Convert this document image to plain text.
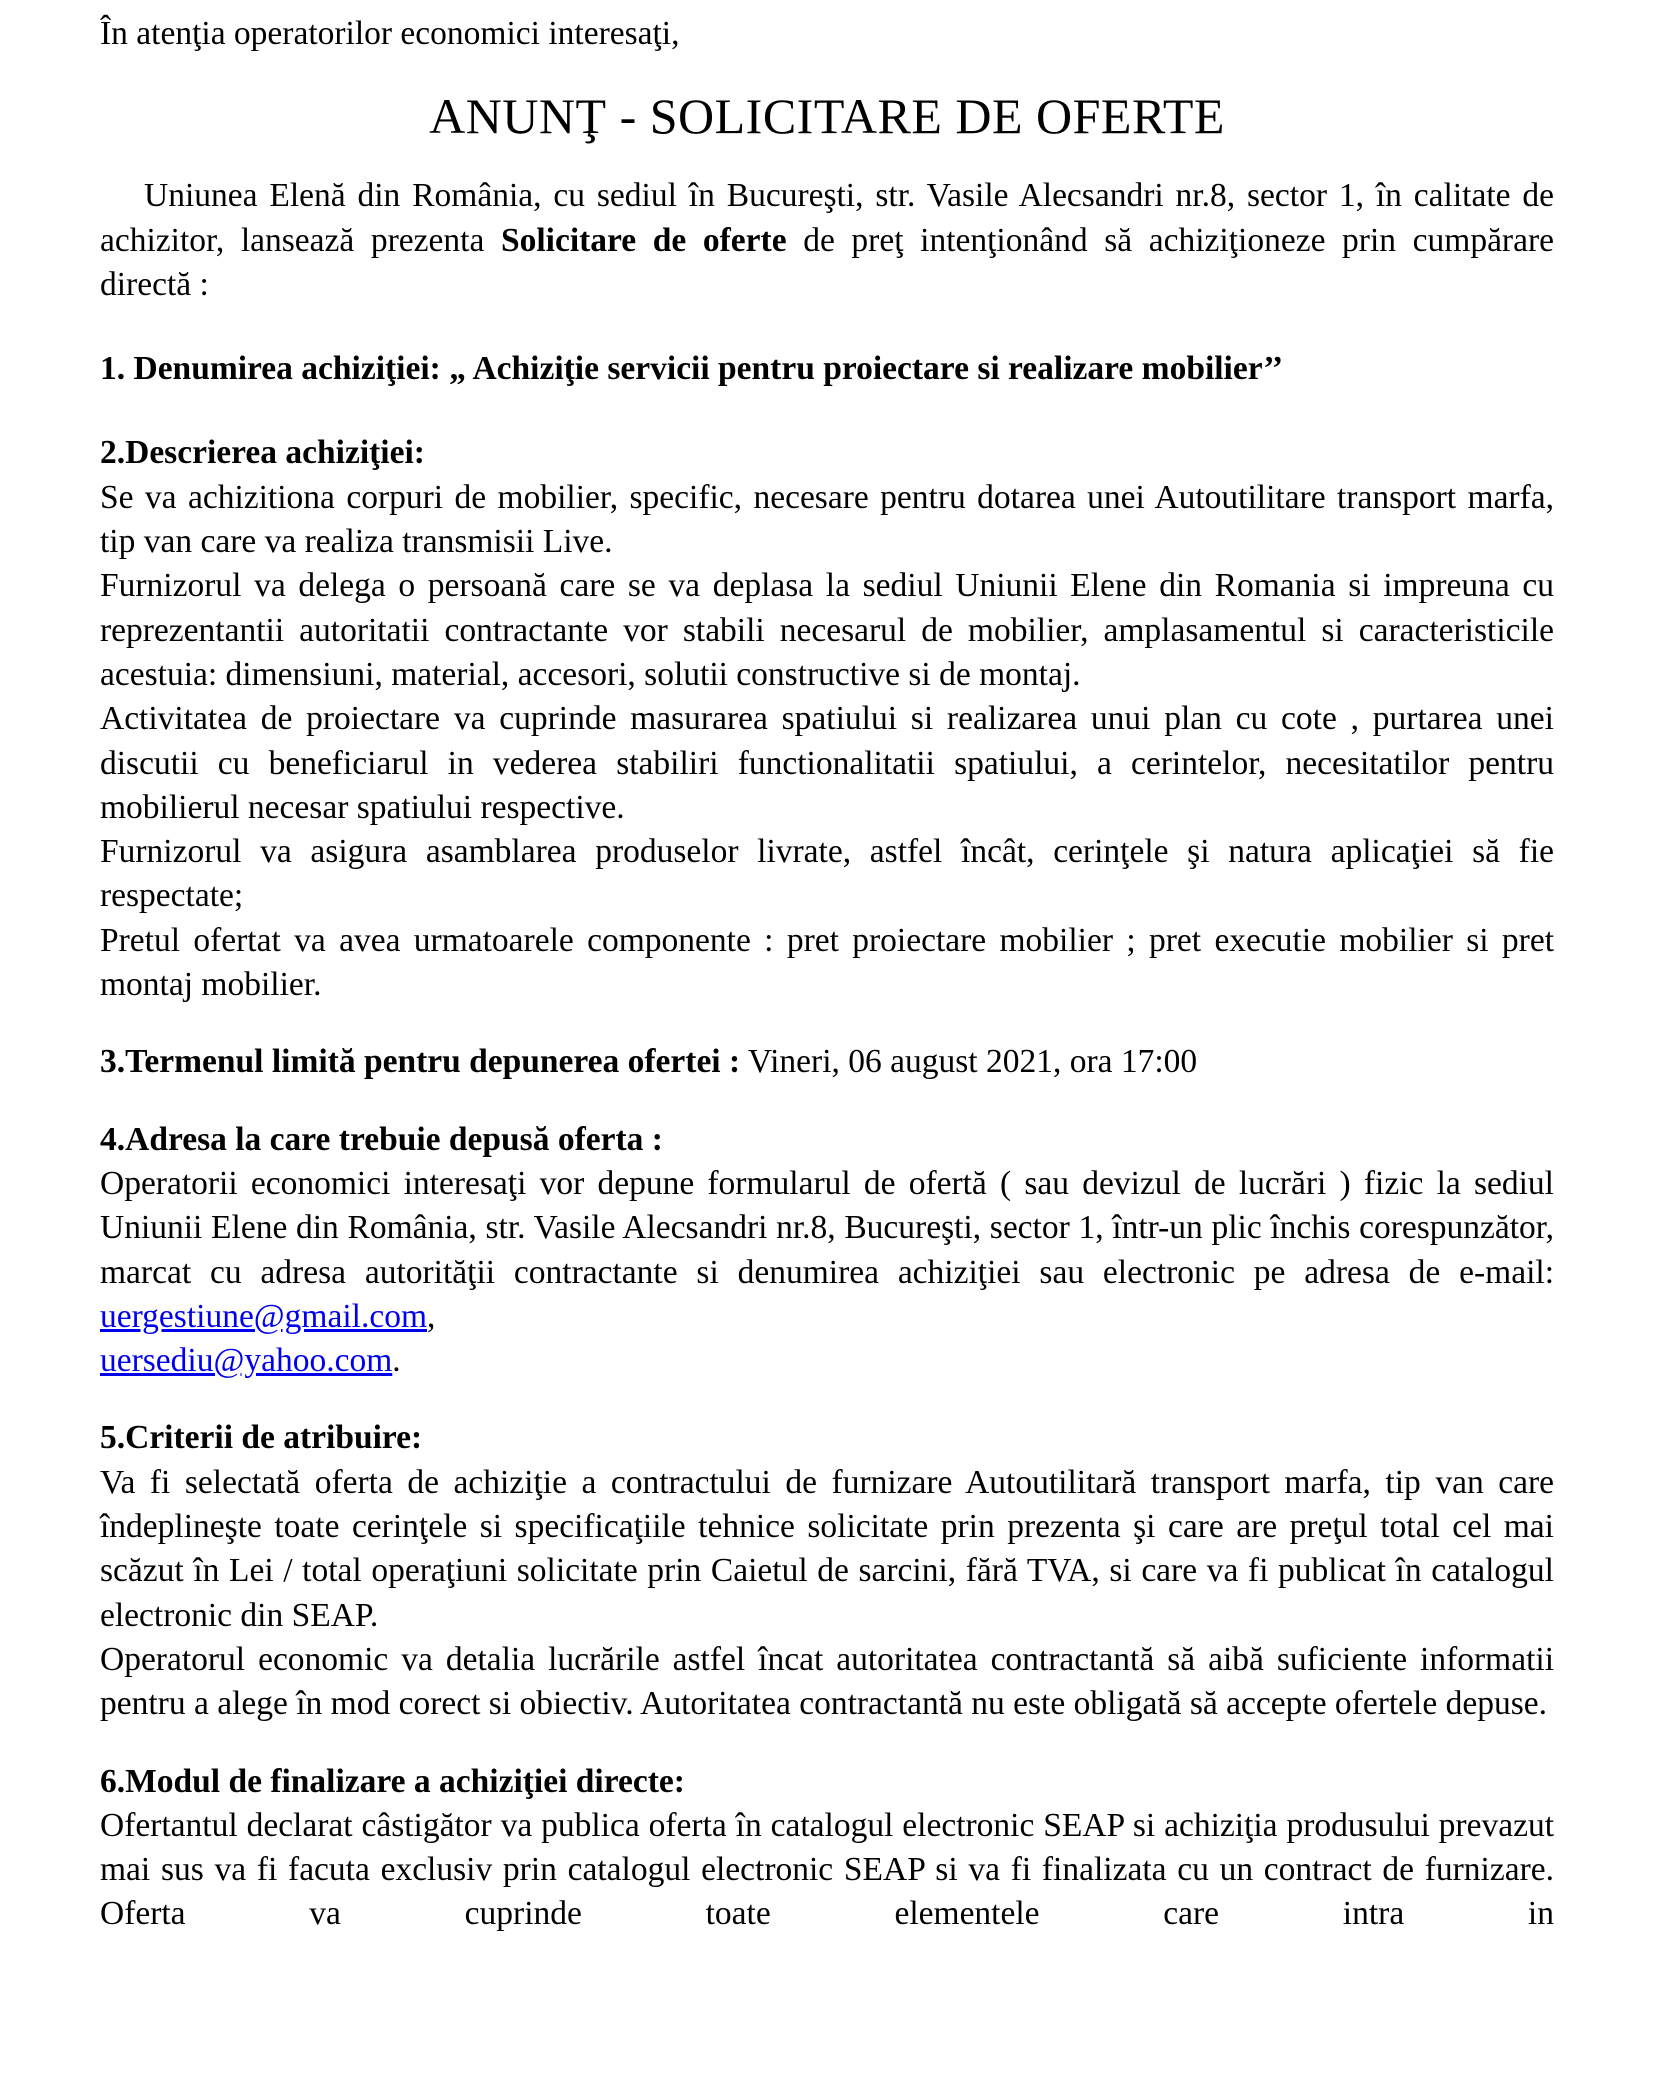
În atenţia operatorilor economici interesaţi,

ANUNŢ - SOLICITARE DE OFERTE

Uniunea Elenă din România, cu sediul în Bucureşti, str. Vasile Alecsandri nr.8, sector 1, în calitate de achizitor, lansează prezenta Solicitare de oferte de preţ intenţionând să achiziţioneze prin cumpărare directă :

1. Denumirea achiziţiei: „ Achiziţie servicii pentru proiectare si realizare mobilier’’

2.Descrierea achiziţiei:

Se va achizitiona corpuri de mobilier, specific, necesare pentru dotarea unei Autoutilitare transport marfa, tip van care va realiza transmisii Live.

Furnizorul va delega o persoană care se va deplasa la sediul Uniunii Elene din Romania si impreuna cu reprezentantii autoritatii contractante vor stabili necesarul de mobilier, amplasamentul si caracteristicile acestuia: dimensiuni, material, accesori, solutii constructive si de montaj.

Activitatea de proiectare va cuprinde masurarea spatiului si realizarea unui plan cu cote , purtarea unei discutii cu beneficiarul in vederea stabiliri functionalitatii spatiului, a cerintelor, necesitatilor pentru mobilierul necesar spatiului respective.

Furnizorul va asigura asamblarea produselor livrate, astfel încât, cerinţele şi natura aplicaţiei să fie respectate;

Pretul ofertat va avea urmatoarele componente : pret proiectare mobilier ; pret executie mobilier si pret montaj mobilier.

3.Termenul limită pentru depunerea ofertei : Vineri, 06 august 2021, ora 17:00

4.Adresa la care trebuie depusă oferta :

Operatorii economici interesaţi vor depune formularul de ofertă ( sau devizul de lucrări ) fizic la sediul Uniunii Elene din România, str. Vasile Alecsandri nr.8, Bucureşti, sector 1, într-un plic închis corespunzător, marcat cu adresa autorităţii contractante si denumirea achiziţiei sau electronic pe adresa de e-mail: uergestiune@gmail.com,

uersediu@yahoo.com.

5.Criterii de atribuire:

Va fi selectată oferta de achiziţie a contractului de furnizare Autoutilitară transport marfa, tip van care îndeplineşte toate cerinţele si specificaţiile tehnice solicitate prin prezenta şi care are preţul total cel mai scăzut în Lei / total operaţiuni solicitate prin Caietul de sarcini, fără TVA, si care va fi publicat în catalogul electronic din SEAP.

Operatorul economic va detalia lucrările astfel încat autoritatea contractantă să aibă suficiente informatii pentru a alege în mod corect si obiectiv. Autoritatea contractantă nu este obligată să accepte ofertele depuse.

6.Modul de finalizare a achiziţiei directe:

Ofertantul declarat câstigător va publica oferta în catalogul electronic SEAP si achiziţia produsului prevazut mai sus va fi facuta exclusiv prin catalogul electronic SEAP si va fi finalizata cu un contract de furnizare. Oferta va cuprinde toate elementele care intra in
